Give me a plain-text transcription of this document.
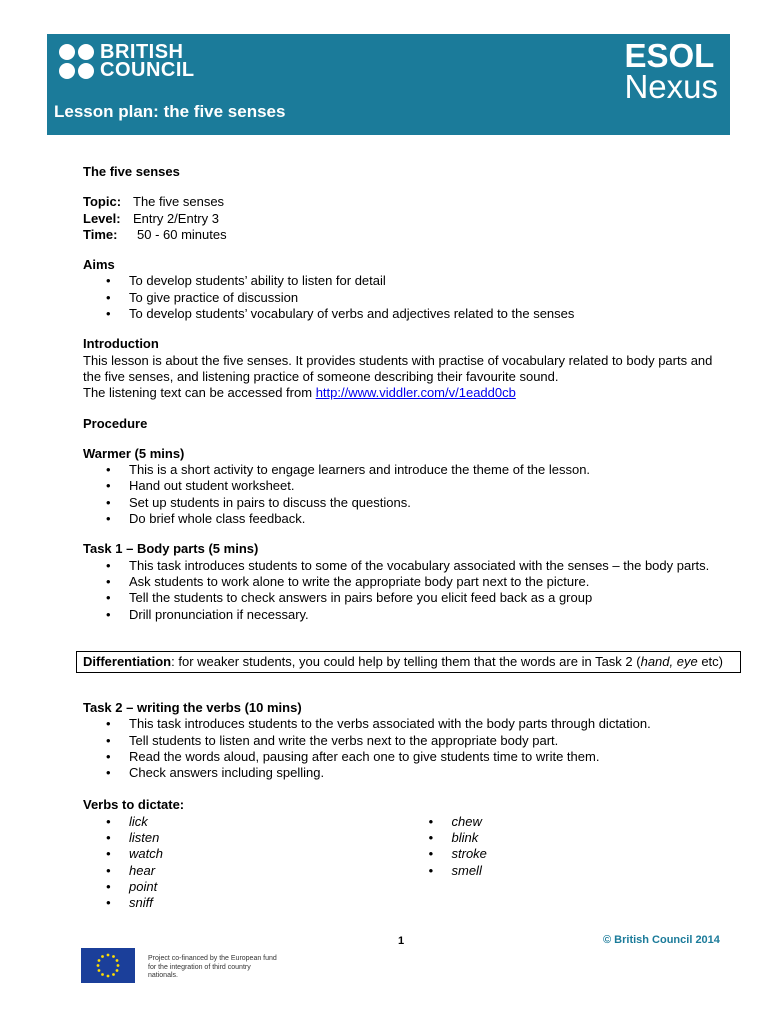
BRITISH
COUNCIL	ESOL
Nexus
Lesson plan: the five senses
The five senses
Topic: The five senses
Level: Entry 2/Entry 3
Time:	50 - 60 minutes
Aims
• To develop students’ ability to listen for detail
• To give practice of discussion
• To develop students’ vocabulary of verbs and adjectives related to the senses
Introduction
This lesson is about the five senses. It provides students with practise of vocabulary related to body parts and the five senses, and listening practice of someone describing their favourite sound.
The listening text can be accessed from http://www.viddler.com/v/1eadd0cb
Procedure
Warmer (5 mins)
• This is a short activity to engage learners and introduce the theme of the lesson.
• Hand out student worksheet.
• Set up students in pairs to discuss the questions.
• Do brief whole class feedback.
Task 1 – Body parts (5 mins)
• This task introduces students to some of the vocabulary associated with the senses – the body parts.
• Ask students to work alone to write the appropriate body part next to the picture.
• Tell the students to check answers in pairs before you elicit feed back as a group
• Drill pronunciation if necessary.
Differentiation: for weaker students, you could help by telling them that the words are in Task 2 (hand, eye etc)
Task 2 – writing the verbs (10 mins)
• This task introduces students to the verbs associated with the body parts through dictation.
• Tell students to listen and write the verbs next to the appropriate body part.
• Read the words aloud, pausing after each one to give students time to write them.
• Check answers including spelling.
Verbs to dictate:
• lick
• listen
• watch
• hear
• point
• sniff
• chew
• blink
• stroke
• smell
1	© British Council 2014
Project co-financed by the European fund for the integration of third country nationals.
